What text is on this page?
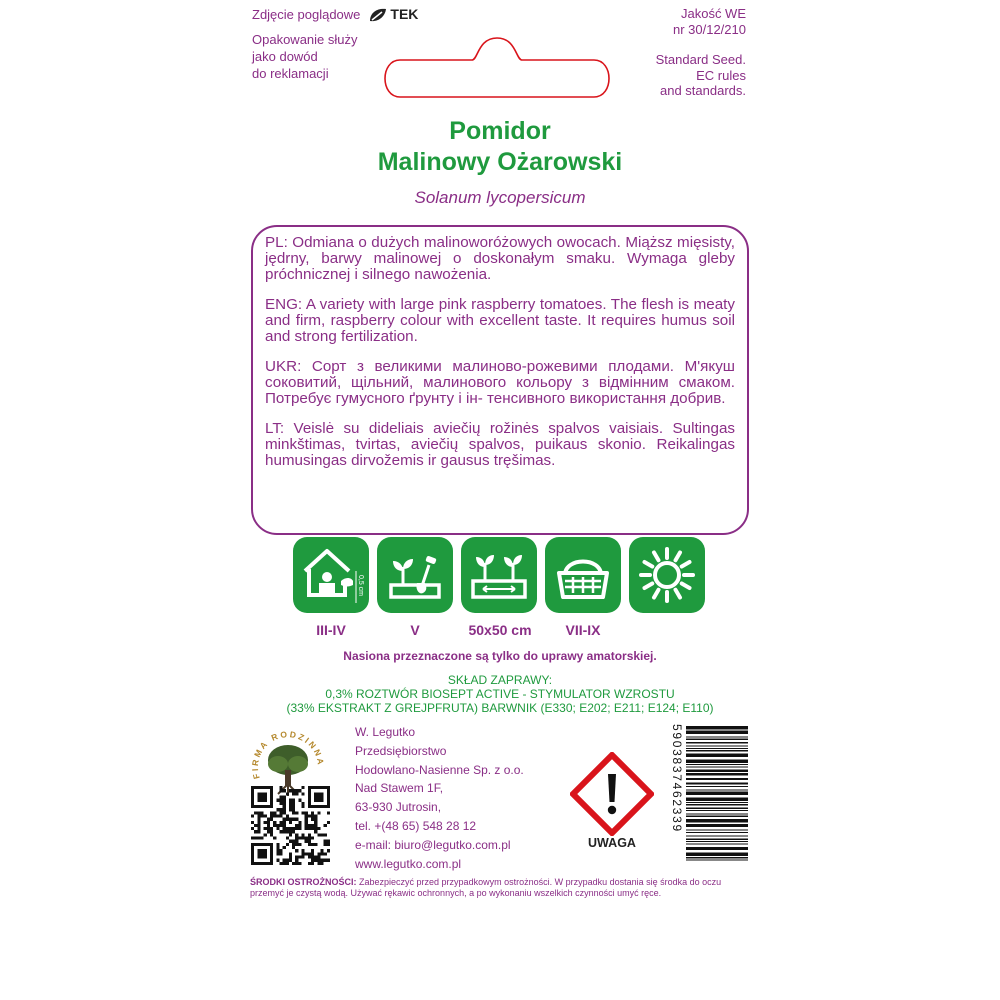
Zdjęcie poglądowe TEK
Opakowanie służy
jako dowód
do reklamacji
Jakość WE
nr 30/12/210
Standard Seed.
EC rules
and standards.
Pomidor
Malinowy Ożarowski
Solanum lycopersicum

PL: Odmiana o dużych malinoworóżowych owocach. Miąższ mięsisty, jędrny, barwy malinowej o doskonałym smaku. Wymaga gleby próchnicznej i silnego nawożenia.

ENG: A variety with large pink raspberry tomatoes. The flesh is meaty and firm, raspberry colour with excellent taste. It requires humus soil and strong fertilization.

UKR: Сорт з великими малиново-рожевими плодами. М'якуш соковитий, щільний, малинового кольору з відмінним смаком. Потребує гумусного ґрунту і ін- тенсивного використання добрив.

LT: Veislė su dideliais aviečių rožinės spalvos vaisiais. Sultingas minkštimas, tvirtas, aviečių spalvos, puikaus skonio. Reikalingas humusingas dirvožemis ir gausus tręšimas.

0,5 cm
III-IV	V	50x50 cm	VII-IX
Nasiona przeznaczone są tylko do uprawy amatorskiej.
SKŁAD ZAPRAWY:
0,3% ROZTWÓR BIOSEPT ACTIVE - STYMULATOR WZROSTU
(33% EKSTRAKT Z GREJPFRUTA) BARWNIK (E330; E202; E211; E124; E110)
FIRMA RODZINNA
W. Legutko
Przedsiębiorstwo
Hodowlano-Nasienne Sp. z o.o.
Nad Stawem 1F,
63-930 Jutrosin,
tel. +(48 65) 548 28 12
e-mail: biuro@legutko.com.pl
www.legutko.com.pl
UWAGA
5903837462339
ŚRODKI OSTROŻNOŚCI: Zabezpieczyć przed przypadkowym ostrożności. W przypadku dostania się środka do oczu przemyć je czystą wodą. Używać rękawic ochronnych, a po wykonaniu wszelkich czynności umyć ręce.
